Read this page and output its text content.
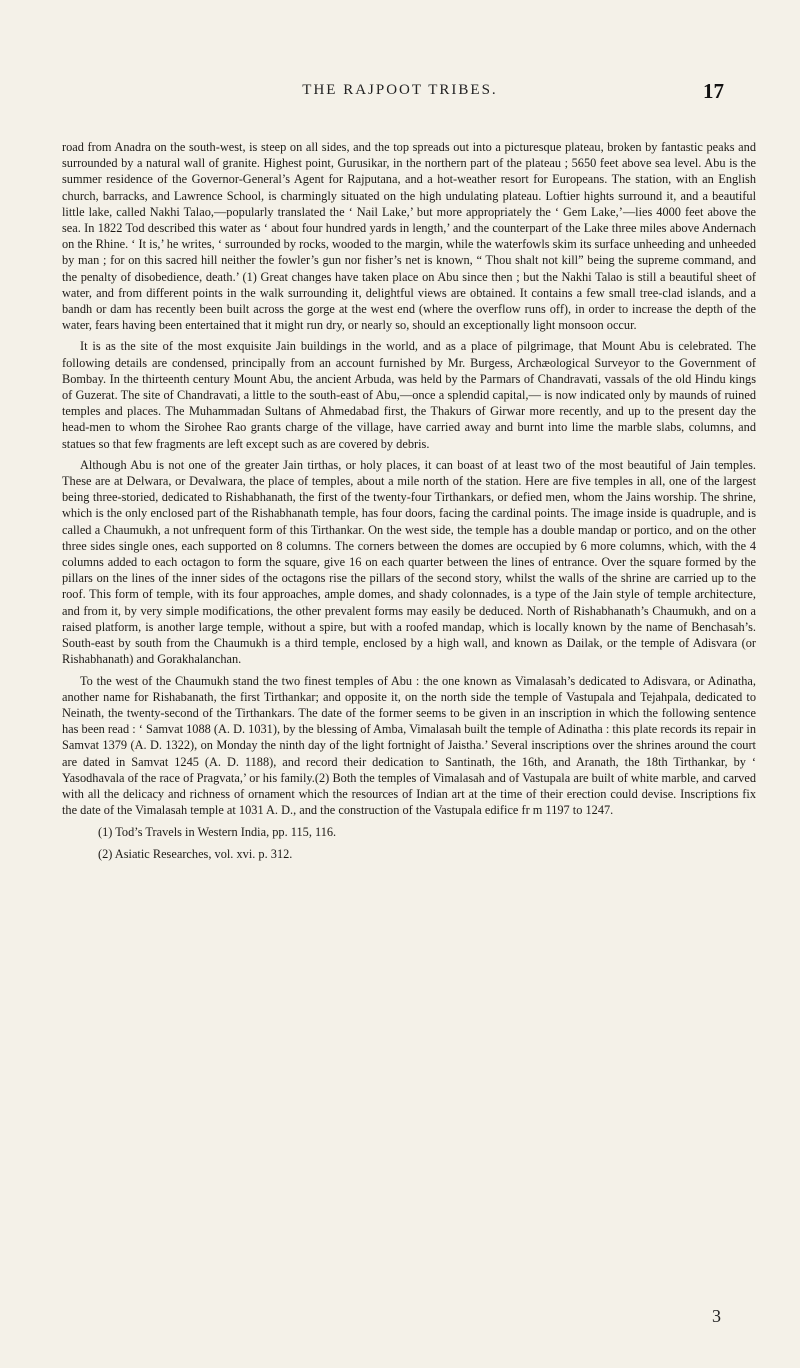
THE RAJPOOT TRIBES.	17

road from Anadra on the south-west, is steep on all sides, and the top spreads out into a picturesque plateau, broken by fantastic peaks and surrounded by a natural wall of granite. Highest point, Gurusikar, in the northern part of the plateau ; 5650 feet above sea level. Abu is the summer residence of the Governor-General’s Agent for Rajputana, and a hot-weather resort for Europeans. The station, with an English church, barracks, and Lawrence School, is charmingly situated on the high undulating plateau. Loftier hights surround it, and a beautiful little lake, called Nakhi Talao,—popularly translated the ‘ Nail Lake,’ but more appropriately the ‘ Gem Lake,’—lies 4000 feet above the sea. In 1822 Tod described this water as ‘ about four hundred yards in length,’ and the counterpart of the Lake three miles above Andernach on the Rhine. ‘ It is,’ he writes, ‘ surrounded by rocks, wooded to the margin, while the waterfowls skim its surface unheeding and unheeded by man ; for on this sacred hill neither the fowler’s gun nor fisher’s net is known, “ Thou shalt not kill” being the supreme command, and the penalty of disobedience, death.’ (1) Great changes have taken place on Abu since then ; but the Nakhi Talao is still a beautiful sheet of water, and from different points in the walk surrounding it, delightful views are obtained. It contains a few small tree-clad islands, and a bandh or dam has recently been built across the gorge at the west end (where the overflow runs off), in order to increase the depth of the water, fears having been entertained that it might run dry, or nearly so, should an exceptionally light monsoon occur.

It is as the site of the most exquisite Jain buildings in the world, and as a place of pilgrimage, that Mount Abu is celebrated. The following details are condensed, principally from an account furnished by Mr. Burgess, Archæological Surveyor to the Government of Bombay. In the thirteenth century Mount Abu, the ancient Arbuda, was held by the Parmars of Chandravati, vassals of the old Hindu kings of Guzerat. The site of Chandravati, a little to the south-east of Abu,—once a splendid capital,— is now indicated only by maunds of ruined temples and places. The Muhammadan Sultans of Ahmedabad first, the Thakurs of Girwar more recently, and up to the present day the head-men to whom the Sirohee Rao grants charge of the village, have carried away and burnt into lime the marble slabs, columns, and statues so that few fragments are left except such as are covered by debris.

Although Abu is not one of the greater Jain tirthas, or holy places, it can boast of at least two of the most beautiful of Jain temples. These are at Delwara, or Devalwara, the place of temples, about a mile north of the station. Here are five temples in all, one of the largest being three-storied, dedicated to Rishabhanath, the first of the twenty-four Tirthankars, or defied men, whom the Jains worship. The shrine, which is the only enclosed part of the Rishabhanath temple, has four doors, facing the cardinal points. The image inside is quadruple, and is called a Chaumukh, a not unfrequent form of this Tirthankar. On the west side, the temple has a double mandap or portico, and on the other three sides single ones, each supported on 8 columns. The corners between the domes are occupied by 6 more columns, which, with the 4 columns added to each octagon to form the square, give 16 on each quarter between the lines of entrance. Over the square formed by the pillars on the lines of the inner sides of the octagons rise the pillars of the second story, whilst the walls of the shrine are carried up to the roof. This form of temple, with its four approaches, ample domes, and shady colonnades, is a type of the Jain style of temple architecture, and from it, by very simple modifications, the other prevalent forms may easily be deduced. North of Rishabhanath’s Chaumukh, and on a raised platform, is another large temple, without a spire, but with a roofed mandap, which is locally known by the name of Benchasah’s. South-east by south from the Chaumukh is a third temple, enclosed by a high wall, and known as Dailak, or the temple of Adisvara (or Rishabhanath) and Gorakhalanchan.

To the west of the Chaumukh stand the two finest temples of Abu : the one known as Vimalasah’s dedicated to Adisvara, or Adinatha, another name for Rishabanath, the first Tirthankar; and opposite it, on the north side the temple of Vastupala and Tejahpala, dedicated to Neinath, the twenty-second of the Tirthankars. The date of the former seems to be given in an inscription in which the following sentence has been read : ‘ Samvat 1088 (A. D. 1031), by the blessing of Amba, Vimalasah built the temple of Adinatha : this plate records its repair in Samvat 1379 (A. D. 1322), on Monday the ninth day of the light fortnight of Jaistha.’ Several inscriptions over the shrines around the court are dated in Samvat 1245 (A. D. 1188), and record their dedication to Santinath, the 16th, and Aranath, the 18th Tirthankar, by ‘ Yasodhavala of the race of Pragvata,’ or his family.(2) Both the temples of Vimalasah and of Vastupala are built of white marble, and carved with all the delicacy and richness of ornament which the resources of Indian art at the time of their erection could devise. Inscriptions fix the date of the Vimalasah temple at 1031 A. D., and the construction of the Vastupala edifice fr m 1197 to 1247.

(1) Tod’s Travels in Western India, pp. 115, 116.

(2) Asiatic Researches, vol. xvi. p. 312.

3
